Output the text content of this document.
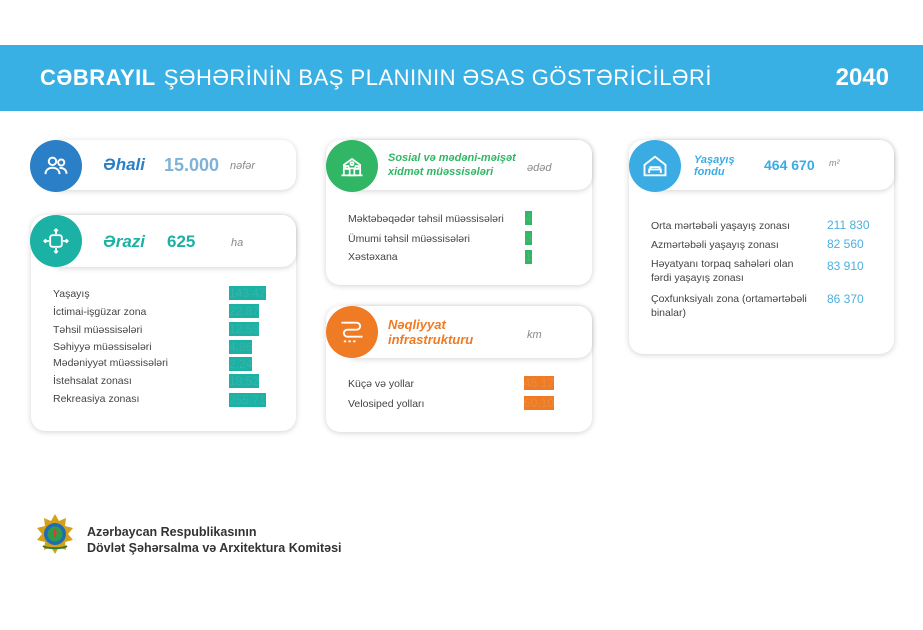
CƏBRAYIL ŞƏHƏRİNİN BAŞ PLANININ ƏSAS GÖSTƏRİCİLƏRİ	2040
Əhali 15.000 nəfər
Ərazi 625	ha
Yaşayış	143.47
İctimai-işgüzar zona	22.87
Təhsil müəssisələri	12.59
Səhiyyə müəssisələri	4.86
Mədəniyyət müəssisələri	2.24
İstehsalat zonası	19.52
Rekreasiya zonası	255.71
Sosial və mədəni-məişət
xidmət müəssisələri	ədəd
Məktəbəqədər təhsil müəssisələri 4
Ümumi təhsil müəssisələri	3
Xəstəxana	1
Nəqliyyat
infrastrukturu	km
Küçə və yollar	45.17
Velosiped yolları	60.10
Yaşayış
fondu	464 670 m²
Orta mərtəbəli yaşayış zonası	211 830
Azmərtəbəli yaşayış zonası	82 560
Həyatyanı torpaq sahələri olan
fərdi yaşayış zonası
83 910
Çoxfunksiyalı zona (ortamərtəbəli
binalar)
86 370
Azərbaycan Respublikasının
Dövlət Şəhərsalma və Arxitektura Komitəsi
